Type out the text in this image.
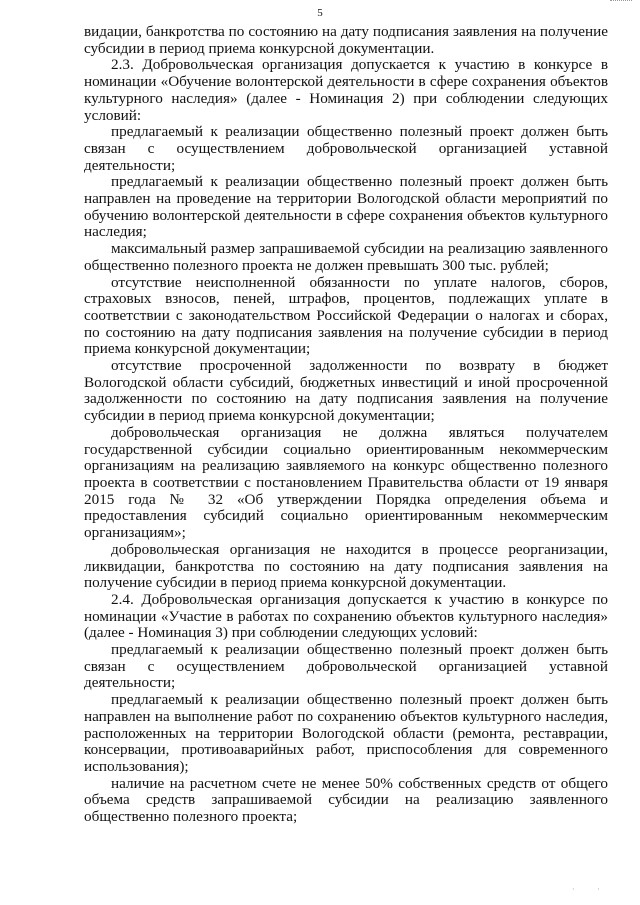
5

видации, банкротства по состоянию на дату подписания заявления на получение субсидии в период приема конкурсной документации.

2.3. Добровольческая организация допускается к участию в конкурсе в номинации «Обучение волонтерской деятельности в сфере сохранения объектов культурного наследия» (далее - Номинация 2) при соблюдении следующих условий:

предлагаемый к реализации общественно полезный проект должен быть связан с осуществлением добровольческой организацией уставной деятельности;

предлагаемый к реализации общественно полезный проект должен быть направлен на проведение на территории Вологодской области мероприятий по обучению волонтерской деятельности в сфере сохранения объектов культурного наследия;

максимальный размер запрашиваемой субсидии на реализацию заявленного общественно полезного проекта не должен превышать 300 тыс. рублей;

отсутствие неисполненной обязанности по уплате налогов, сборов, страховых взносов, пеней, штрафов, процентов, подлежащих уплате в соответствии с законодательством Российской Федерации о налогах и сборах, по состоянию на дату подписания заявления на получение субсидии в период приема конкурсной документации;

отсутствие просроченной задолженности по возврату в бюджет Вологодской области субсидий, бюджетных инвестиций и иной просроченной задолженности по состоянию на дату подписания заявления на получение субсидии в период приема конкурсной документации;

добровольческая организация не должна являться получателем государственной субсидии социально ориентированным некоммерческим организациям на реализацию заявляемого на конкурс общественно полезного проекта в соответствии с постановлением Правительства области от 19 января 2015 года № 32 «Об утверждении Порядка определения объема и предоставления субсидий социально ориентированным некоммерческим организациям»;

добровольческая организация не находится в процессе реорганизации, ликвидации, банкротства по состоянию на дату подписания заявления на получение субсидии в период приема конкурсной документации.

2.4. Добровольческая организация допускается к участию в конкурсе по номинации «Участие в работах по сохранению объектов культурного наследия» (далее - Номинация 3) при соблюдении следующих условий:

предлагаемый к реализации общественно полезный проект должен быть связан с осуществлением добровольческой организацией уставной деятельности;

предлагаемый к реализации общественно полезный проект должен быть направлен на выполнение работ по сохранению объектов культурного наследия, расположенных на территории Вологодской области (ремонта, реставрации, консервации, противоаварийных работ, приспособления для современного использования);

наличие на расчетном счете не менее 50% собственных средств от общего объема средств запрашиваемой субсидии на реализацию заявленного общественно полезного проекта;

· ·
